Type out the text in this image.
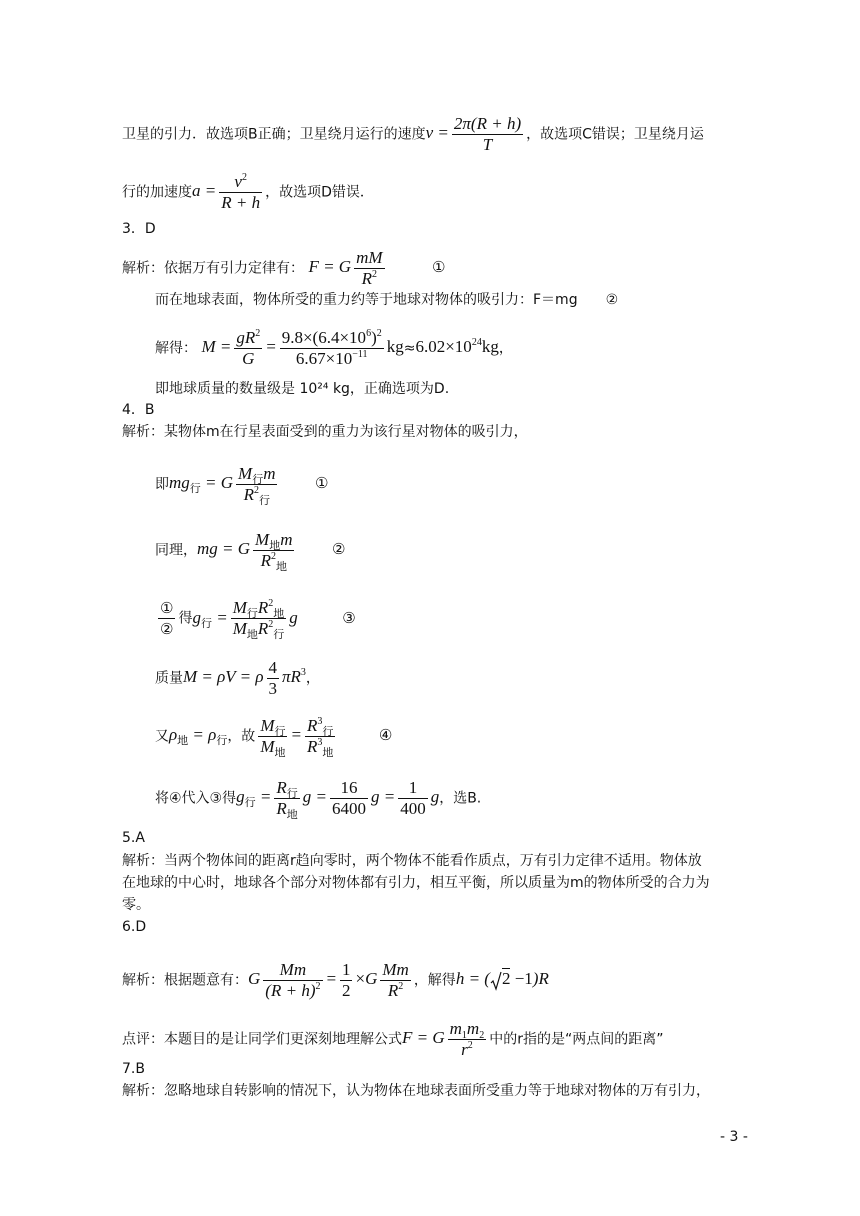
卫星的引力．故选项B正确；卫星绕月运行的速度$v = \frac{2\pi(R + h)}{T}$ ，故选项C错误；卫星绕月运
行的加速度$a = \frac{v^2}{R + h}$ ，故选项D错误．
3．D
解析：依据万有引力定律有： F = G $\frac{mM}{R^2}$	①
而在地球表面，物体所受的重力约等于地球对物体的吸引力：F＝mg　　②
解得： $M = \frac{gR^2}{G} = \frac{9.8\times(6.4\times 10^6)^2}{6.67\times 10^{-11}} kg\approx 6.02\times 10^{24}kg$，
即地球质量的数量级是 10²⁴ kg，正确选项为D.
4．B
解析：某物体m在行星表面受到的重力为该行星对物体的吸引力，
即$mg_行 = G \frac{M_行m}{R^2_行}$ ①
同理，mg = G $\frac{M_地m}{R^2_地}$ ②
$\frac{\text{①}}{\text{②}}$ 得$g_行 = \frac{M_行R^2_地}{M_地R^2_行}$ g	③
质量M = ρV = ρ $\frac{4}{3} \pi R^3$，
又$\rho_地 = \rho_行$，故 $\frac{M_行}{M_地} = \frac{R^3_行}{R^3_地}$	④
将④代入③得$g_行 = \frac{R_行}{R_地}$ $g = \frac{16}{6400}$ $g = \frac{1}{400}$ g，选B.
5.A
解析：当两个物体间的距离r趋向零时，两个物体不能看作质点，万有引力定律不适用。物体放
在地球的中心时，地球各个部分对物体都有引力，相互平衡，所以质量为m的物体所受的合力为
零。
6.D
解析：根据题意有：G $\frac{Mm}{(R + h)^2} = \frac{1}{2} \times G \frac{Mm}{R^2}$ ，解得h = ( 2 −1)R
点评：本题目的是让同学们更深刻地理解公式F = G $\frac{m_1m_2}{r^2}$ 中的r指的是“两点间的距离”
7.B
解析：忽略地球自转影响的情况下，认为物体在地球表面所受重力等于地球对物体的万有引力，
- 3 -
